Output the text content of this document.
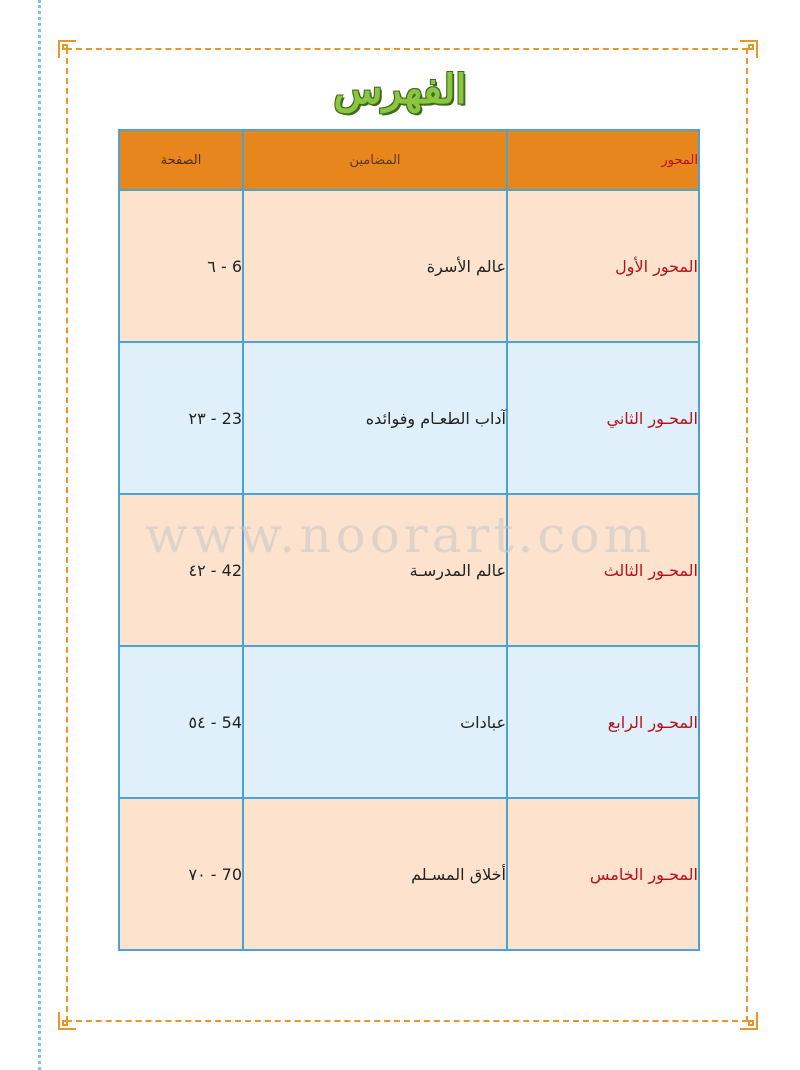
الفهرس
المحور	المضامين	الصفحة
المحور الأول	عالم الأسرة	٦ - 6
المحـور الثاني	آداب الطعـام وفوائده	٢٣ - 23
المحـور الثالث	عالم المدرسـة	٤٢ - 42
المحـور الرابع	عبادات	٥٤ - 54
المحـور الخامس	أخلاق المسـلم	٧٠ - 70
www.noorart.com
